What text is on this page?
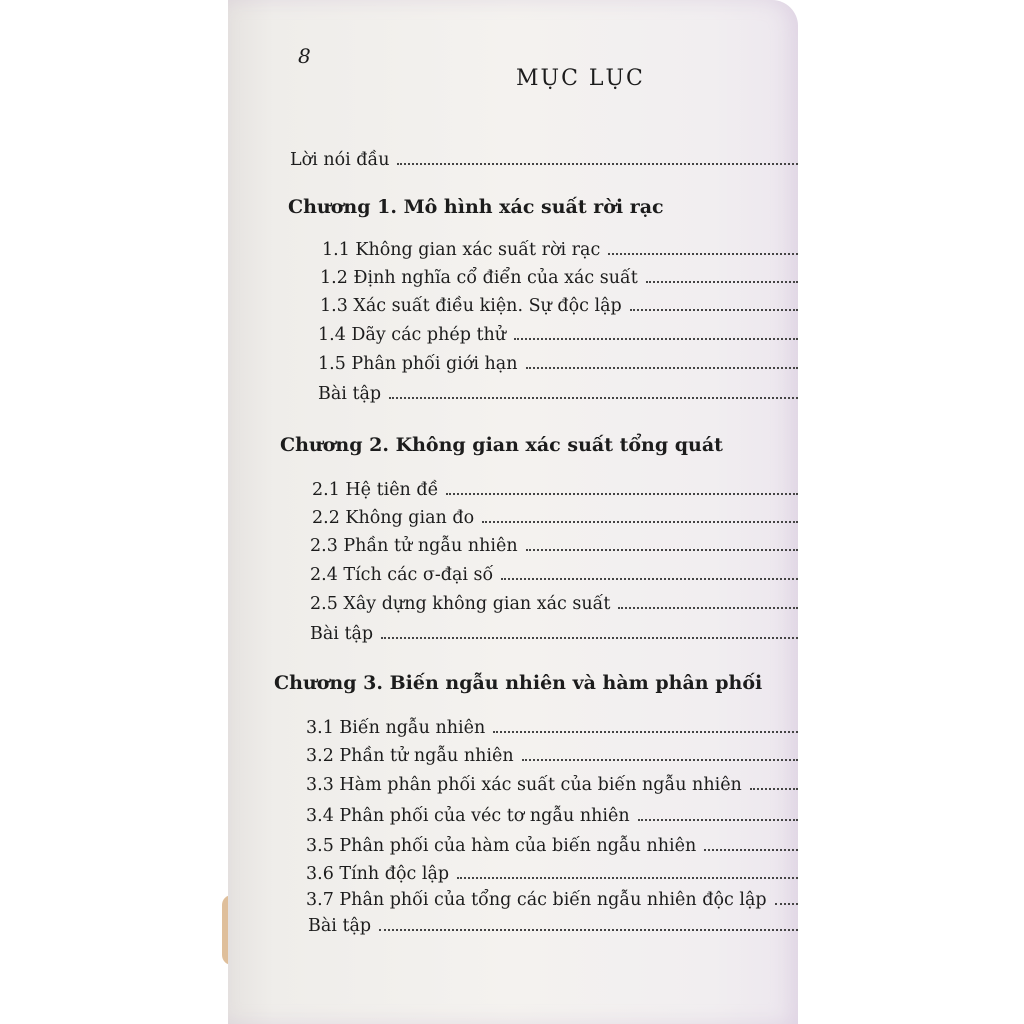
8
MỤC LỤC
Lời nói đầu
Chương 1. Mô hình xác suất rời rạc
1.1 Không gian xác suất rời rạc
1.2 Định nghĩa cổ điển của xác suất
1.3 Xác suất điều kiện. Sự độc lập
1.4 Dãy các phép thử
1.5 Phân phối giới hạn
Bài tập
Chương 2. Không gian xác suất tổng quát
2.1 Hệ tiên đề
2.2 Không gian đo
2.3 Phần tử ngẫu nhiên
2.4 Tích các σ-đại số
2.5 Xây dựng không gian xác suất
Bài tập
Chương 3. Biến ngẫu nhiên và hàm phân phối
3.1 Biến ngẫu nhiên
3.2 Phần tử ngẫu nhiên
3.3 Hàm phân phối xác suất của biến ngẫu nhiên
3.4 Phân phối của véc tơ ngẫu nhiên
3.5 Phân phối của hàm của biến ngẫu nhiên
3.6 Tính độc lập
3.7 Phân phối của tổng các biến ngẫu nhiên độc lập
Bài tập
